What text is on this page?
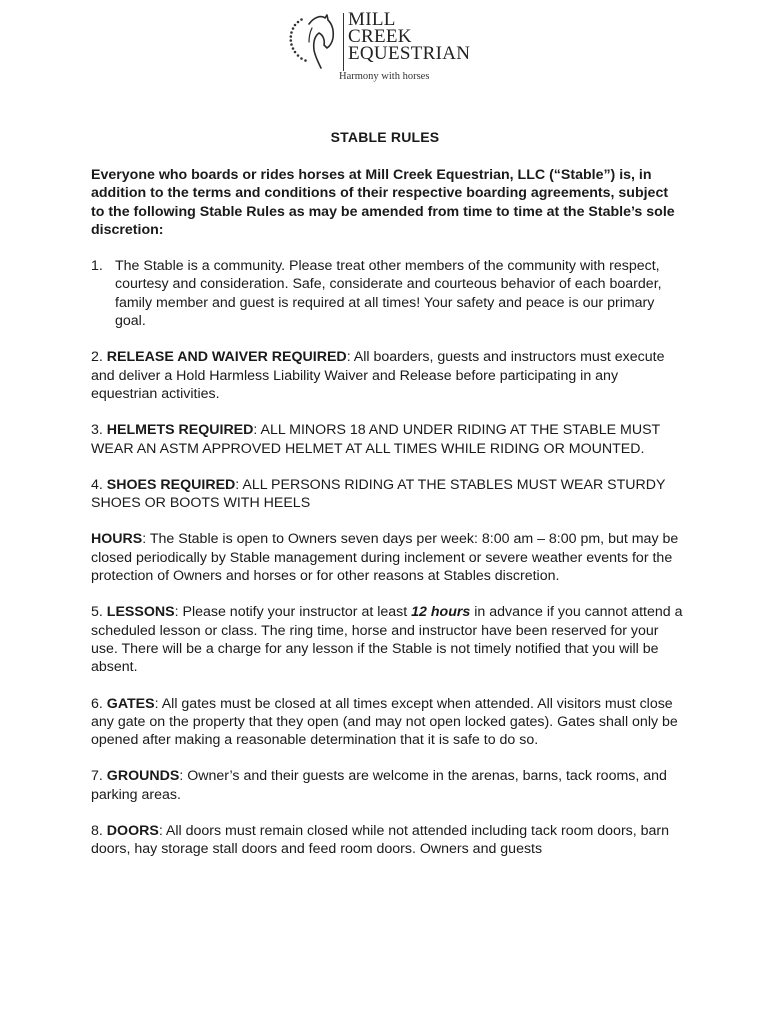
MILL
CREEK
EQUESTRIAN
Harmony with horses
STABLE RULES

Everyone who boards or rides horses at Mill Creek Equestrian, LLC (“Stable”) is, in addition to the terms and conditions of their respective boarding agreements, subject to the following Stable Rules as may be amended from time to time at the Stable’s sole discretion:

1. The Stable is a community. Please treat other members of the community with respect, courtesy and consideration. Safe, considerate and courteous behavior of each boarder, family member and guest is required at all times! Your safety and peace is our primary goal.

2. RELEASE AND WAIVER REQUIRED: All boarders, guests and instructors must execute and deliver a Hold Harmless Liability Waiver and Release before participating in any equestrian activities.

3. HELMETS REQUIRED: ALL MINORS 18 AND UNDER RIDING AT THE STABLE MUST WEAR AN ASTM APPROVED HELMET AT ALL TIMES WHILE RIDING OR MOUNTED.

4. SHOES REQUIRED: ALL PERSONS RIDING AT THE STABLES MUST WEAR STURDY SHOES OR BOOTS WITH HEELS

HOURS: The Stable is open to Owners seven days per week: 8:00 am – 8:00 pm, but may be closed periodically by Stable management during inclement or severe weather events for the protection of Owners and horses or for other reasons at Stables discretion.

5. LESSONS: Please notify your instructor at least 12 hours in advance if you cannot attend a scheduled lesson or class. The ring time, horse and instructor have been reserved for your use. There will be a charge for any lesson if the Stable is not timely notified that you will be absent.

6. GATES: All gates must be closed at all times except when attended. All visitors must close any gate on the property that they open (and may not open locked gates). Gates shall only be opened after making a reasonable determination that it is safe to do so.

7. GROUNDS: Owner’s and their guests are welcome in the arenas, barns, tack rooms, and parking areas.

8. DOORS: All doors must remain closed while not attended including tack room doors, barn doors, hay storage stall doors and feed room doors. Owners and guests
